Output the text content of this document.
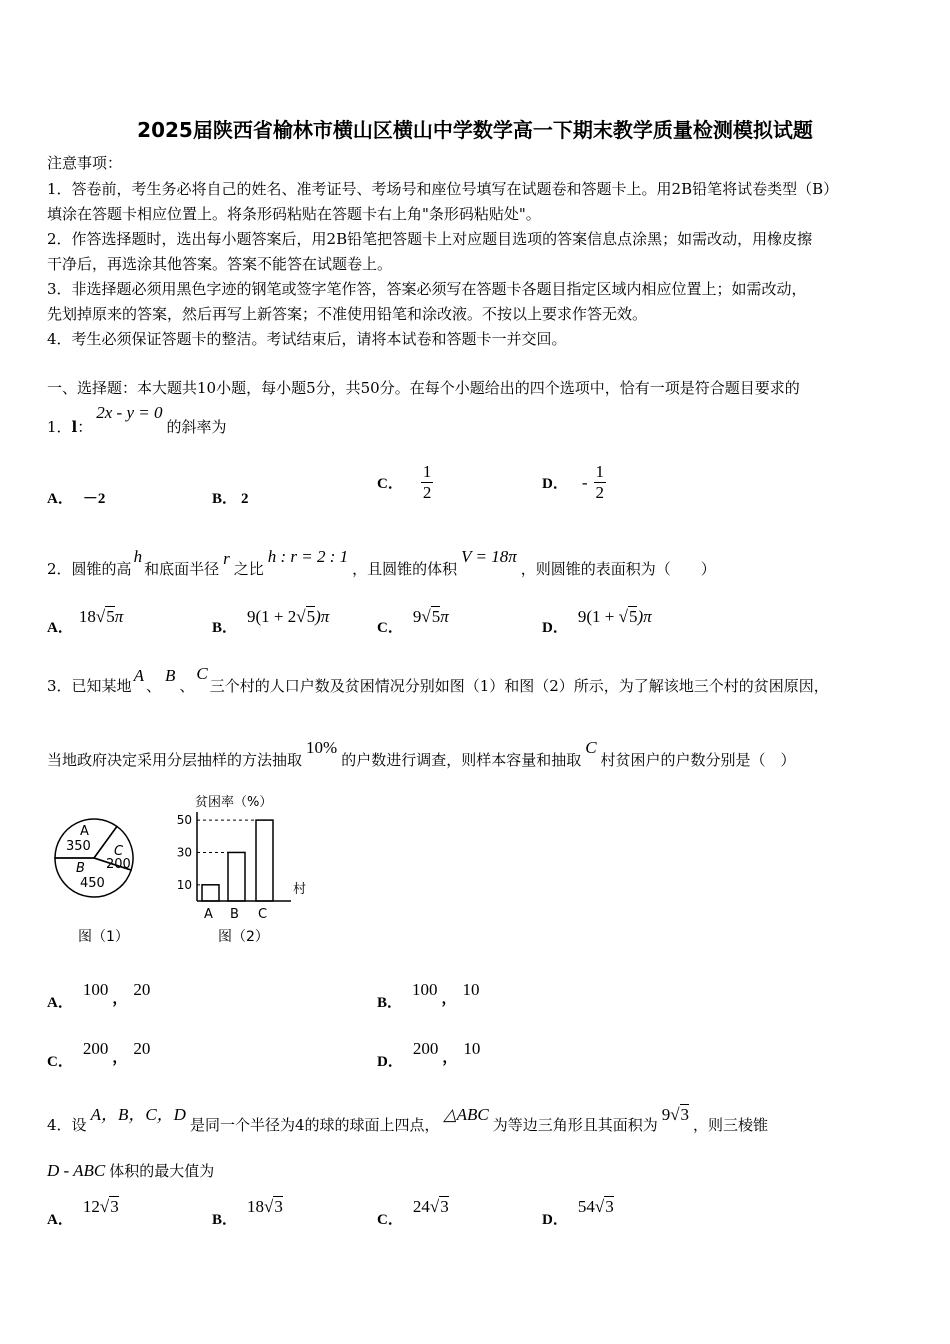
2025届陕西省榆林市横山区横山中学数学高一下期末教学质量检测模拟试题
注意事项：
1．答卷前，考生务必将自己的姓名、准考证号、考场号和座位号填写在试题卷和答题卡上。用2B铅笔将试卷类型（B）
填涂在答题卡相应位置上。将条形码粘贴在答题卡右上角"条形码粘贴处"。
2．作答选择题时，选出每小题答案后，用2B铅笔把答题卡上对应题目选项的答案信息点涂黑；如需改动，用橡皮擦
干净后，再选涂其他答案。答案不能答在试题卷上。
3．非选择题必须用黑色字迹的钢笔或签字笔作答，答案必须写在答题卡各题目指定区域内相应位置上；如需改动，
先划掉原来的答案，然后再写上新答案；不准使用铅笔和涂改液。不按以上要求作答无效。
4．考生必须保证答题卡的整洁。考试结束后，请将本试卷和答题卡一并交回。
一、选择题：本大题共10小题，每小题5分，共50分。在每个小题给出的四个选项中，恰有一项是符合题目要求的
1．l：2x - y = 0的斜率为
A． －2	B． 2
C． $\frac{1}{2}$	D． - $\frac{1}{2}$
2．圆锥的高h和底面半径r之比h : r = 2 : 1，且圆锥的体积V = 18π，则圆锥的表面积为（　　）
A．18√5π
B．9(1 + 2√5)π
C．9√5π
D．9(1 + √5)π
3．已知某地A、B、C三个村的人口户数及贫困情况分别如图（1）和图（2）所示，为了解该地三个村的贫困原因，
当地政府决定采用分层抽样的方法抽取10%的户数进行调查，则样本容量和抽取C村贫困户的户数分别是（　）
A
350 C
200
B
450
图（1）
贫困率（%）
A B C
10
30
50
村
图（2）
A．100 ， 20
B．100 ， 10
C．200 ， 20
D．200 ， 10
4．设A，B，C，D是同一个半径为4的球的球面上四点，△ABC为等边三角形且其面积为9√3，则三棱锥
D - ABC 体积的最大值为
A．12√3
B．18√3
C．24√3
D．54√3
